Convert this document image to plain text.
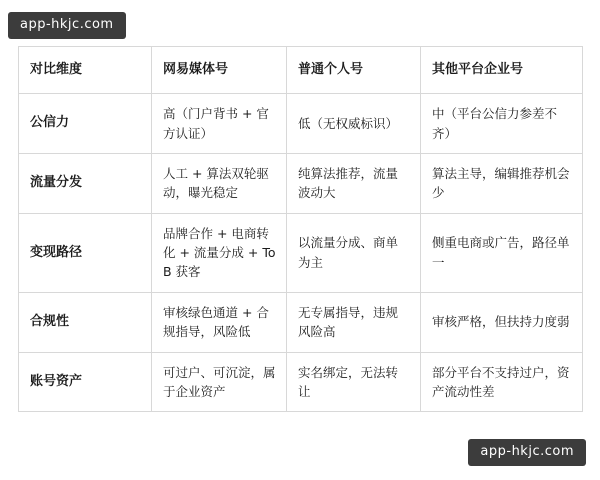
app-hkjc.com
对比维度	网易媒体号	普通个人号	其他平台企业号
公信力	高（门户背书 + 官方认证）	低（无权威标识）	中（平台公信力参差不齐）
流量分发	人工 + 算法双轮驱动，曝光稳定	纯算法推荐，流量波动大	算法主导，编辑推荐机会少
变现路径	品牌合作 + 电商转化 + 流量分成 + To B 获客	以流量分成、商单为主	侧重电商或广告，路径单一
合规性	审核绿色通道 + 合规指导，风险低	无专属指导，违规风险高	审核严格，但扶持力度弱
账号资产	可过户、可沉淀，属于企业资产	实名绑定，无法转让	部分平台不支持过户，资产流动性差
app-hkjc.com
